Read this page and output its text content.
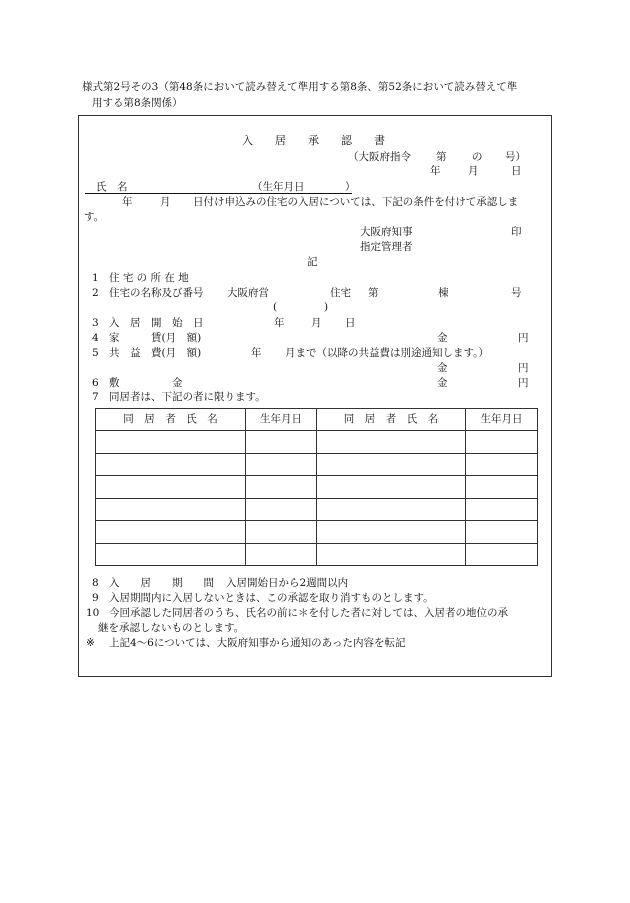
様式第2号その3（第48条において読み替えて準用する第8条、第52条において読み替えて準
用する第8条関係）
入　　居　　承　　認　　書
（大阪府指令 第 の 号）
年	月	日
氏　名	（生年月日	）
年	月 日付け申込みの住宅の入居については、下記の条件を付けて承認しま
す。
大阪府知事	印
指定管理者
記
1 住 宅 の 所 在 地
2 住宅の名称及び番号 大阪府営	住宅 第	棟	号
(	)
3 入　居　開　始　日	年	月 日
4 家　　　賃(月　額)	金	円
5 共　益　費(月　額)	年 月まで（以降の共益費は別途通知します。）
金	円
6 敷　　　　　金	金	円
7 同居者は、下記の者に限ります。
同　居　者　氏　名	生年月日	同　居　者　氏　名	生年月日

8 入　　居　　期　　間 入居開始日から2週間以内
9 入居期間内に入居しないときは、この承認を取り消すものとします。
10 今回承認した同居者のうち、氏名の前に＊を付した者に対しては、入居者の地位の承
継を承認しないものとします。
※ 上記4～6については、大阪府知事から通知のあった内容を転記
